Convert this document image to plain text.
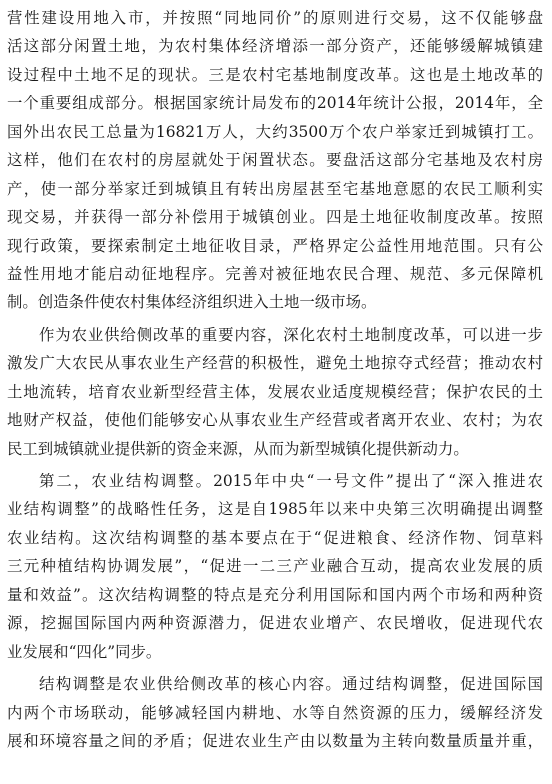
营性建设用地入市，并按照“同地同价”的原则进行交易，这不仅能够盘
活这部分闲置土地，为农村集体经济增添一部分资产，还能够缓解城镇建
设过程中土地不足的现状。三是农村宅基地制度改革。这也是土地改革的
一个重要组成部分。根据国家统计局发布的2014年统计公报，2014年，全
国外出农民工总量为16821万人，大约3500万个农户举家迁到城镇打工。
这样，他们在农村的房屋就处于闲置状态。要盘活这部分宅基地及农村房
产，使一部分举家迁到城镇且有转出房屋甚至宅基地意愿的农民工顺利实
现交易，并获得一部分补偿用于城镇创业。四是土地征收制度改革。按照
现行政策，要探索制定土地征收目录，严格界定公益性用地范围。只有公
益性用地才能启动征地程序。完善对被征地农民合理、规范、多元保障机
制。创造条件使农村集体经济组织进入土地一级市场。
作为农业供给侧改革的重要内容，深化农村土地制度改革，可以进一步
激发广大农民从事农业生产经营的积极性，避免土地掠夺式经营；推动农村
土地流转，培育农业新型经营主体，发展农业适度规模经营；保护农民的土
地财产权益，使他们能够安心从事农业生产经营或者离开农业、农村；为农
民工到城镇就业提供新的资金来源，从而为新型城镇化提供新动力。
第二，农业结构调整。2015年中央“一号文件”提出了“深入推进农
业结构调整”的战略性任务，这是自1985年以来中央第三次明确提出调整
农业结构。这次结构调整的基本要点在于“促进粮食、经济作物、饲草料
三元种植结构协调发展”，“促进一二三产业融合互动，提高农业发展的质
量和效益”。这次结构调整的特点是充分利用国际和国内两个市场和两种资
源，挖掘国际国内两种资源潜力，促进农业增产、农民增收，促进现代农
业发展和“四化”同步。
结构调整是农业供给侧改革的核心内容。通过结构调整，促进国际国
内两个市场联动，能够减轻国内耕地、水等自然资源的压力，缓解经济发
展和环境容量之间的矛盾；促进农业生产由以数量为主转向数量质量并重，
